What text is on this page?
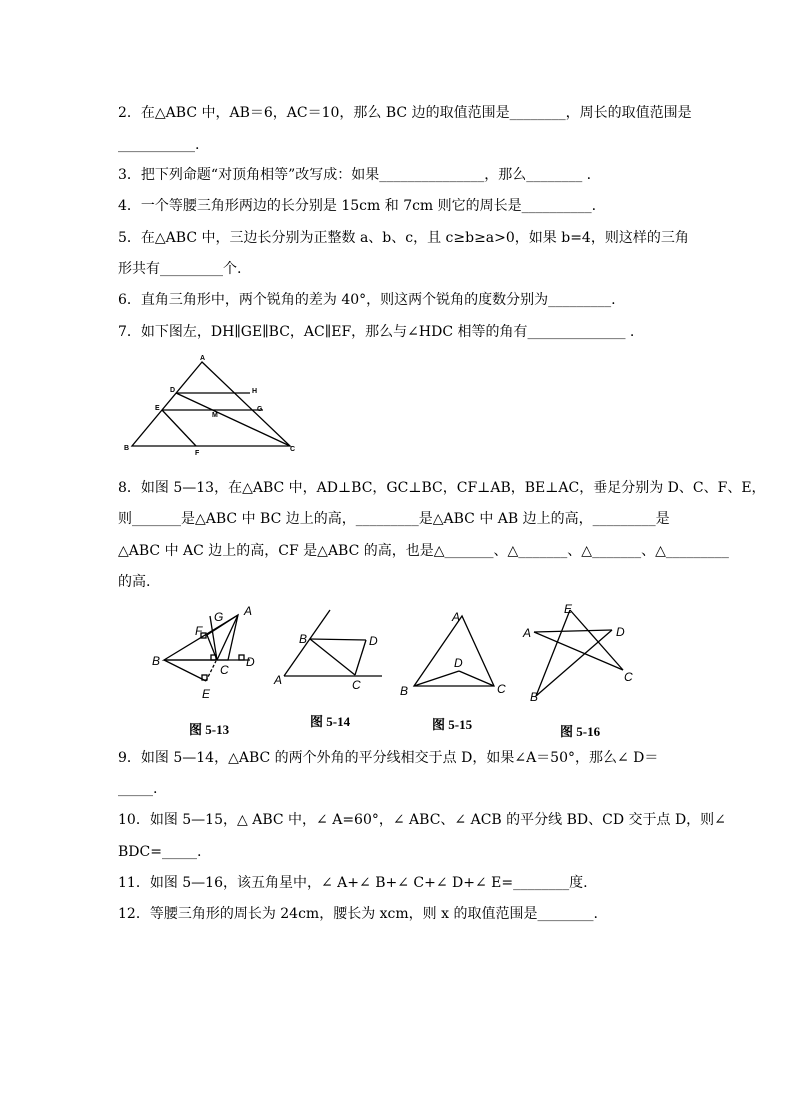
2．在△ABC 中，AB＝6，AC＝10，那么 BC 边的取值范围是________，周长的取值范围是
___________.
3．把下列命题“对顶角相等”改写成：如果_______________，那么________ .
4．一个等腰三角形两边的长分别是 15cm 和 7cm 则它的周长是__________.
5．在△ABC 中，三边长分别为正整数 a、b、c，且 c≥b≥a>0，如果 b=4，则这样的三角
形共有_________个.
6．直角三角形中，两个锐角的差为 40°，则这两个锐角的度数分别为_________.
7．如下图左，DH∥GE∥BC，AC∥EF，那么与∠HDC 相等的角有______________ .
A
D	H
E
M
G
B
F
C
8．如图 5—13，在△ABC 中，AD⊥BC，GC⊥BC，CF⊥AB，BE⊥AC，垂足分别为 D、C、F、E，
则_______是△ABC 中 BC 边上的高，_________是△ABC 中 AB 边上的高，_________是
△ABC 中 AC 边上的高，CF 是△ABC 的高，也是△_______、△_______、△_______、△_________
的高.
G A
F
B
C
D
E
图 5-13
B	D
A	C
图 5-14
A
D
B	C
图 5-15
E
A	D
C
B
图 5-16
9．如图 5—14，△ABC 的两个外角的平分线相交于点 D，如果∠A＝50°，那么∠ D＝
_____.
10．如图 5—15，△ ABC 中，∠ A=60°，∠ ABC、∠ ACB 的平分线 BD、CD 交于点 D，则∠
BDC=_____.
11．如图 5—16，该五角星中，∠ A+∠ B+∠ C+∠ D+∠ E=________度.
12．等腰三角形的周长为 24cm，腰长为 xcm，则 x 的取值范围是________.
